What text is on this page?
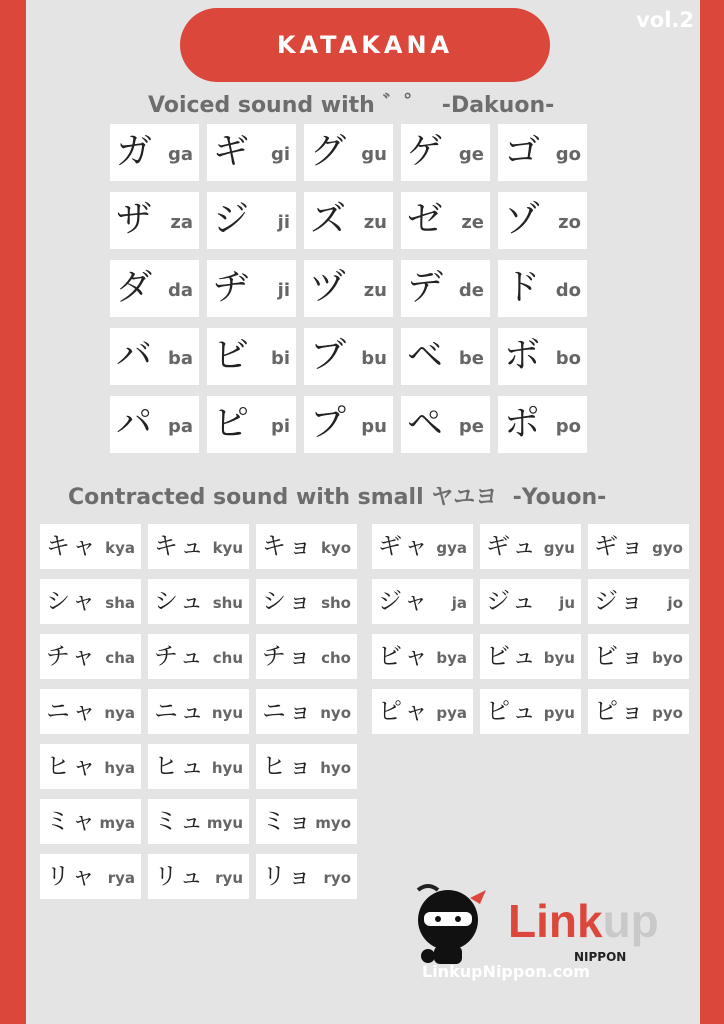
KATAKANA
vol.2
Voiced sound with ゛゜  -Dakuon-
ガ ga ギ gi グ gu ゲ ge ゴ go
ザ za ジ ji ズ zu ゼ ze ゾ zo
ダ da ヂ ji ヅ zu デ de ド do
バ ba ビ bi ブ bu ベ be ボ bo
パ pa ピ pi プ pu ペ pe ポ po
Contracted sound with small ヤユヨ  -Youon-
キャ kya キュ kyu キョ kyo
シャ sha シュ shu ショ sho
チャ cha チュ chu チョ cho
ニャ nya ニュ nyu ニョ nyo
ヒャ hya ヒュ hyu ヒョ hyo
ミャ mya ミュ myu ミョ myo
リャ rya リュ ryu リョ ryo
ギャ gya ギュ gyu ギョ gyo
ジャ ja ジュ ju ジョ jo
ビャ bya ビュ byu ビョ byo
ピャ pya ピュ pyu ピョ pyo
Linkup
NIPPON
LinkupNippon.com
